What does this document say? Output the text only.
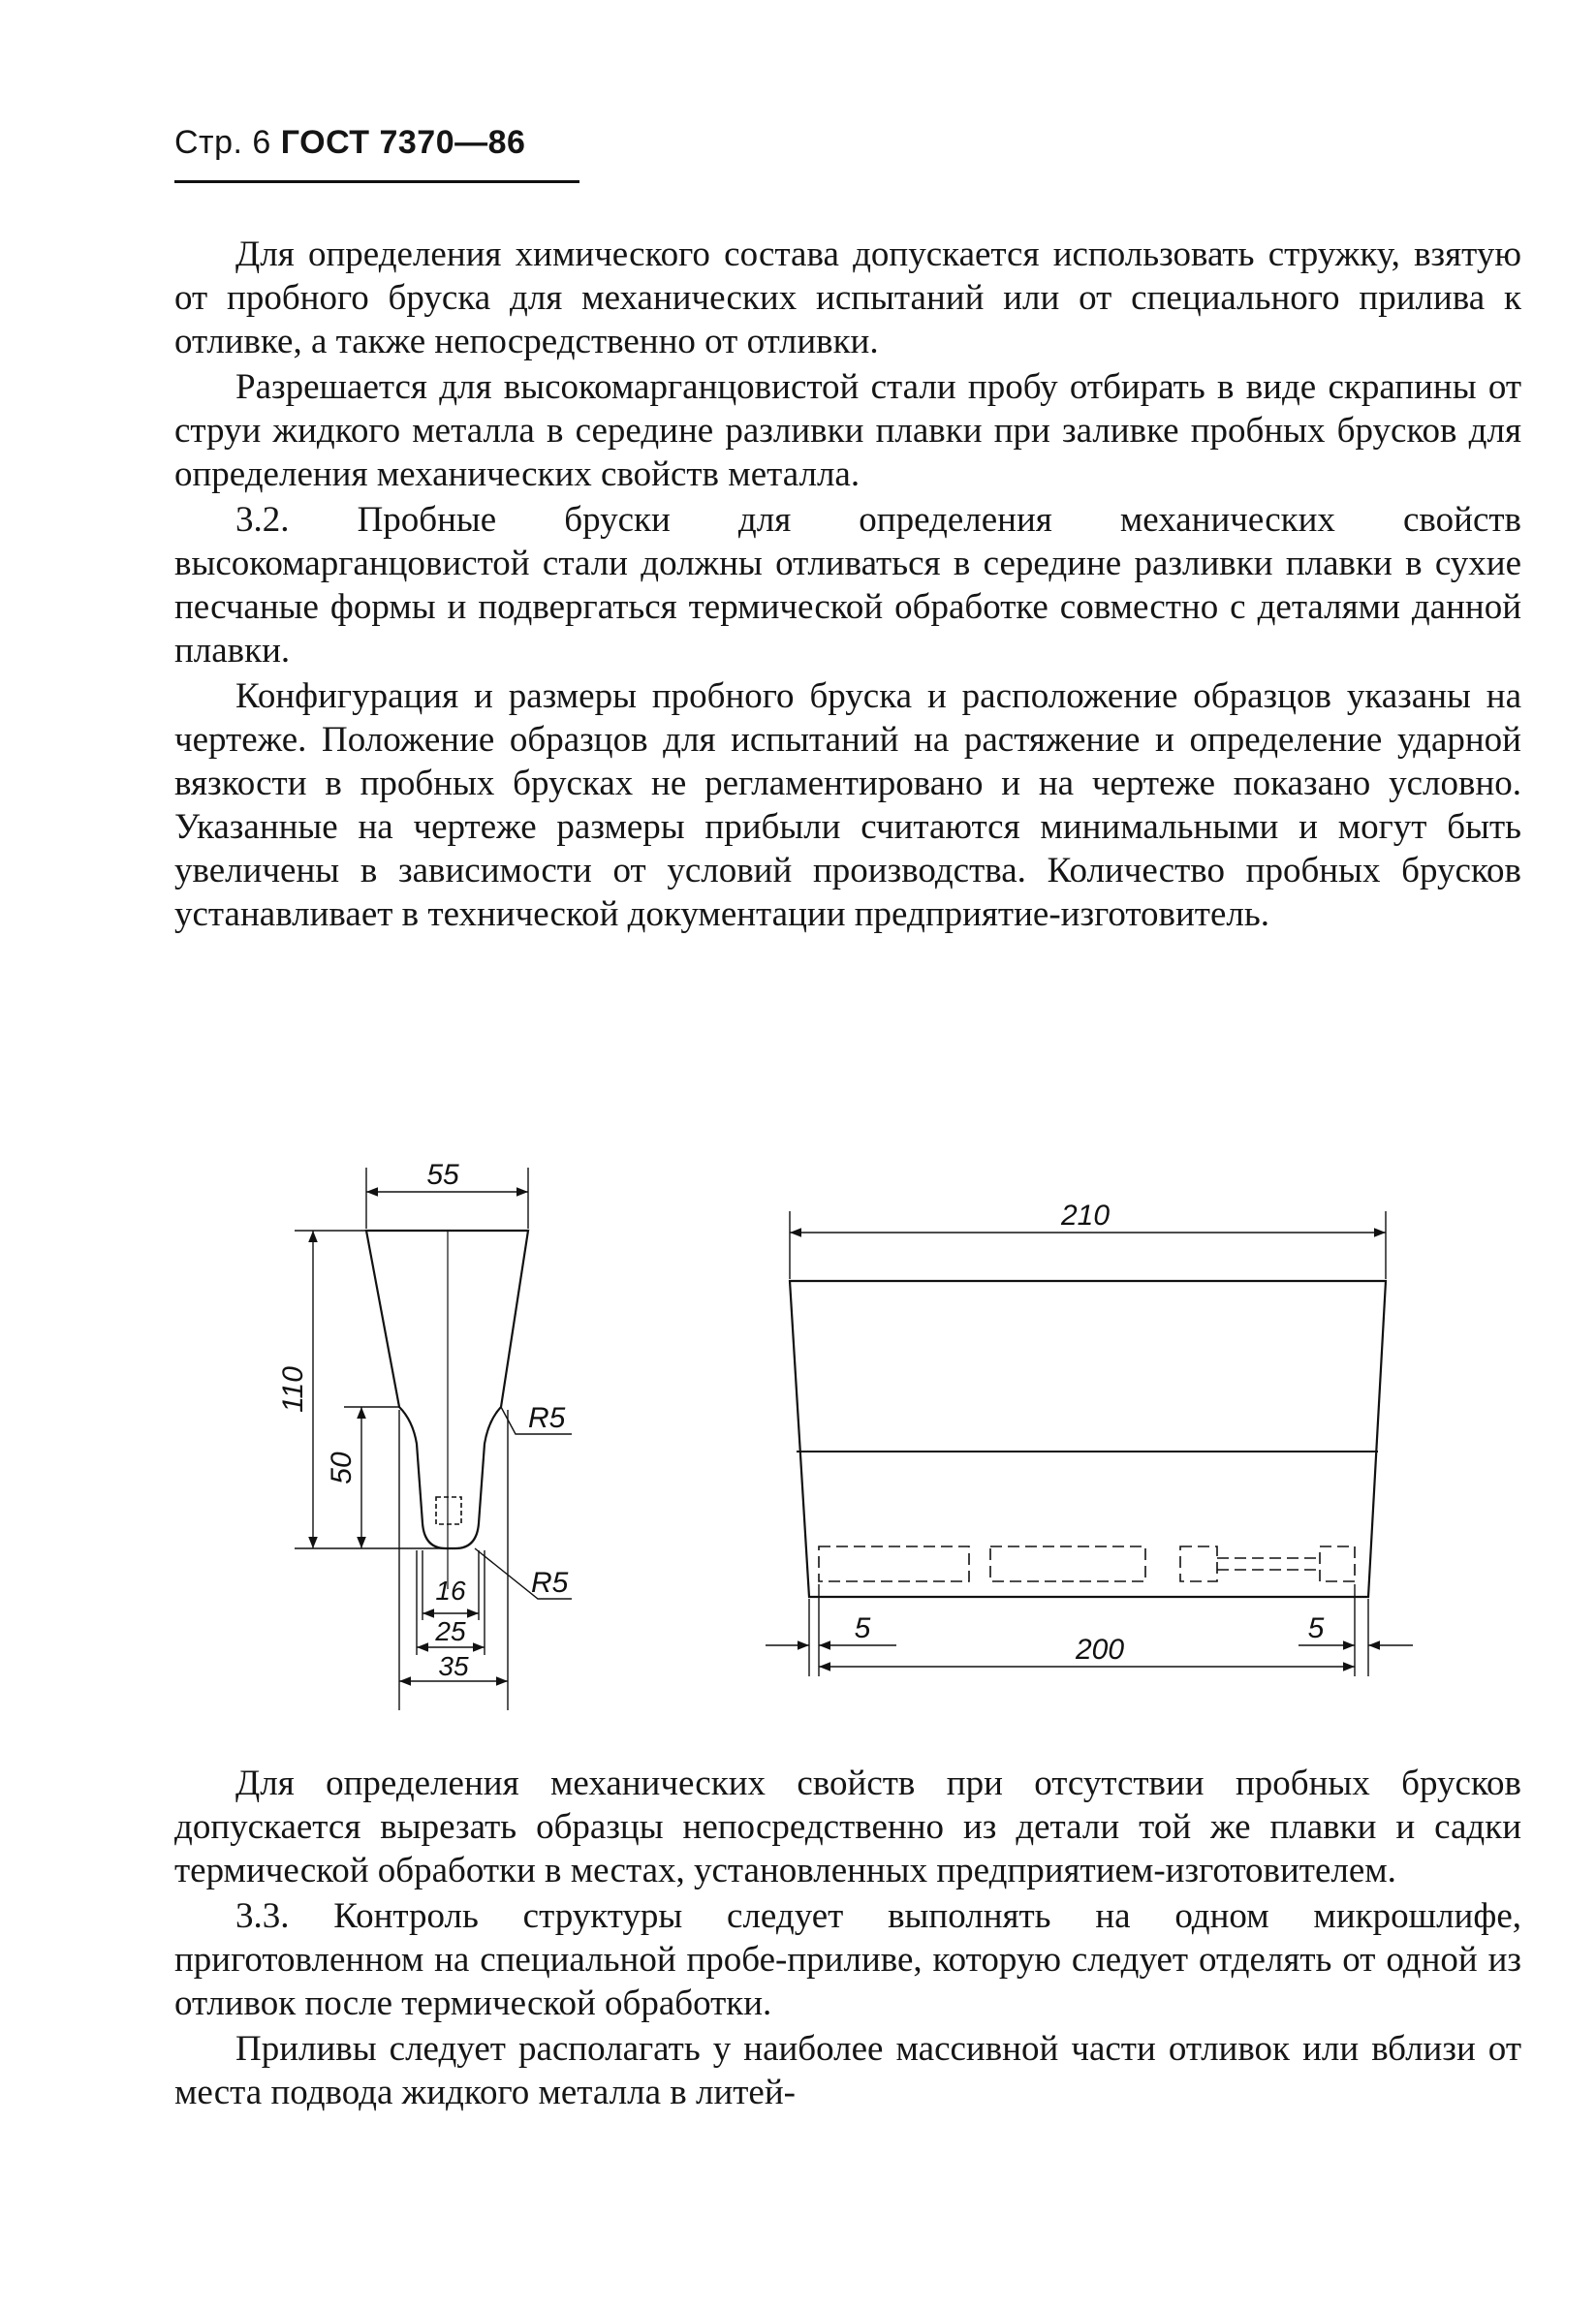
Стр. 6 ГОСТ 7370—86

Для определения химического состава допускается использовать стружку, взятую от пробного бруска для механических испытаний или от специального прилива к отливке, а также непосредственно от отливки.

Разрешается для высокомарганцовистой стали пробу отбирать в виде скрапины от струи жидкого металла в середине разливки плавки при заливке пробных брусков для определения механических свойств металла.

3.2. Пробные бруски для определения механических свойств высокомарганцовистой стали должны отливаться в середине разливки плавки в сухие песчаные формы и подвергаться термической обработке совместно с деталями данной плавки.

Конфигурация и размеры пробного бруска и расположение образцов указаны на чертеже. Положение образцов для испытаний на растяжение и определение ударной вязкости в пробных брусках не регламентировано и на чертеже показано условно. Указанные на чертеже размеры прибыли считаются минимальными и могут быть увеличены в зависимости от условий производства. Количество пробных брусков устанавливает в технической документации предприятие-изготовитель.

55
110
50
R5
R5
16
25
35
210
200
5	5

Для определения механических свойств при отсутствии пробных брусков допускается вырезать образцы непосредственно из детали той же плавки и садки термической обработки в местах, установленных предприятием-изготовителем.

3.3. Контроль структуры следует выполнять на одном микрошлифе, приготовленном на специальной пробе-приливе, которую следует отделять от одной из отливок после термической обработки.

Приливы следует располагать у наиболее массивной части отливок или вблизи от места подвода жидкого металла в литей-
